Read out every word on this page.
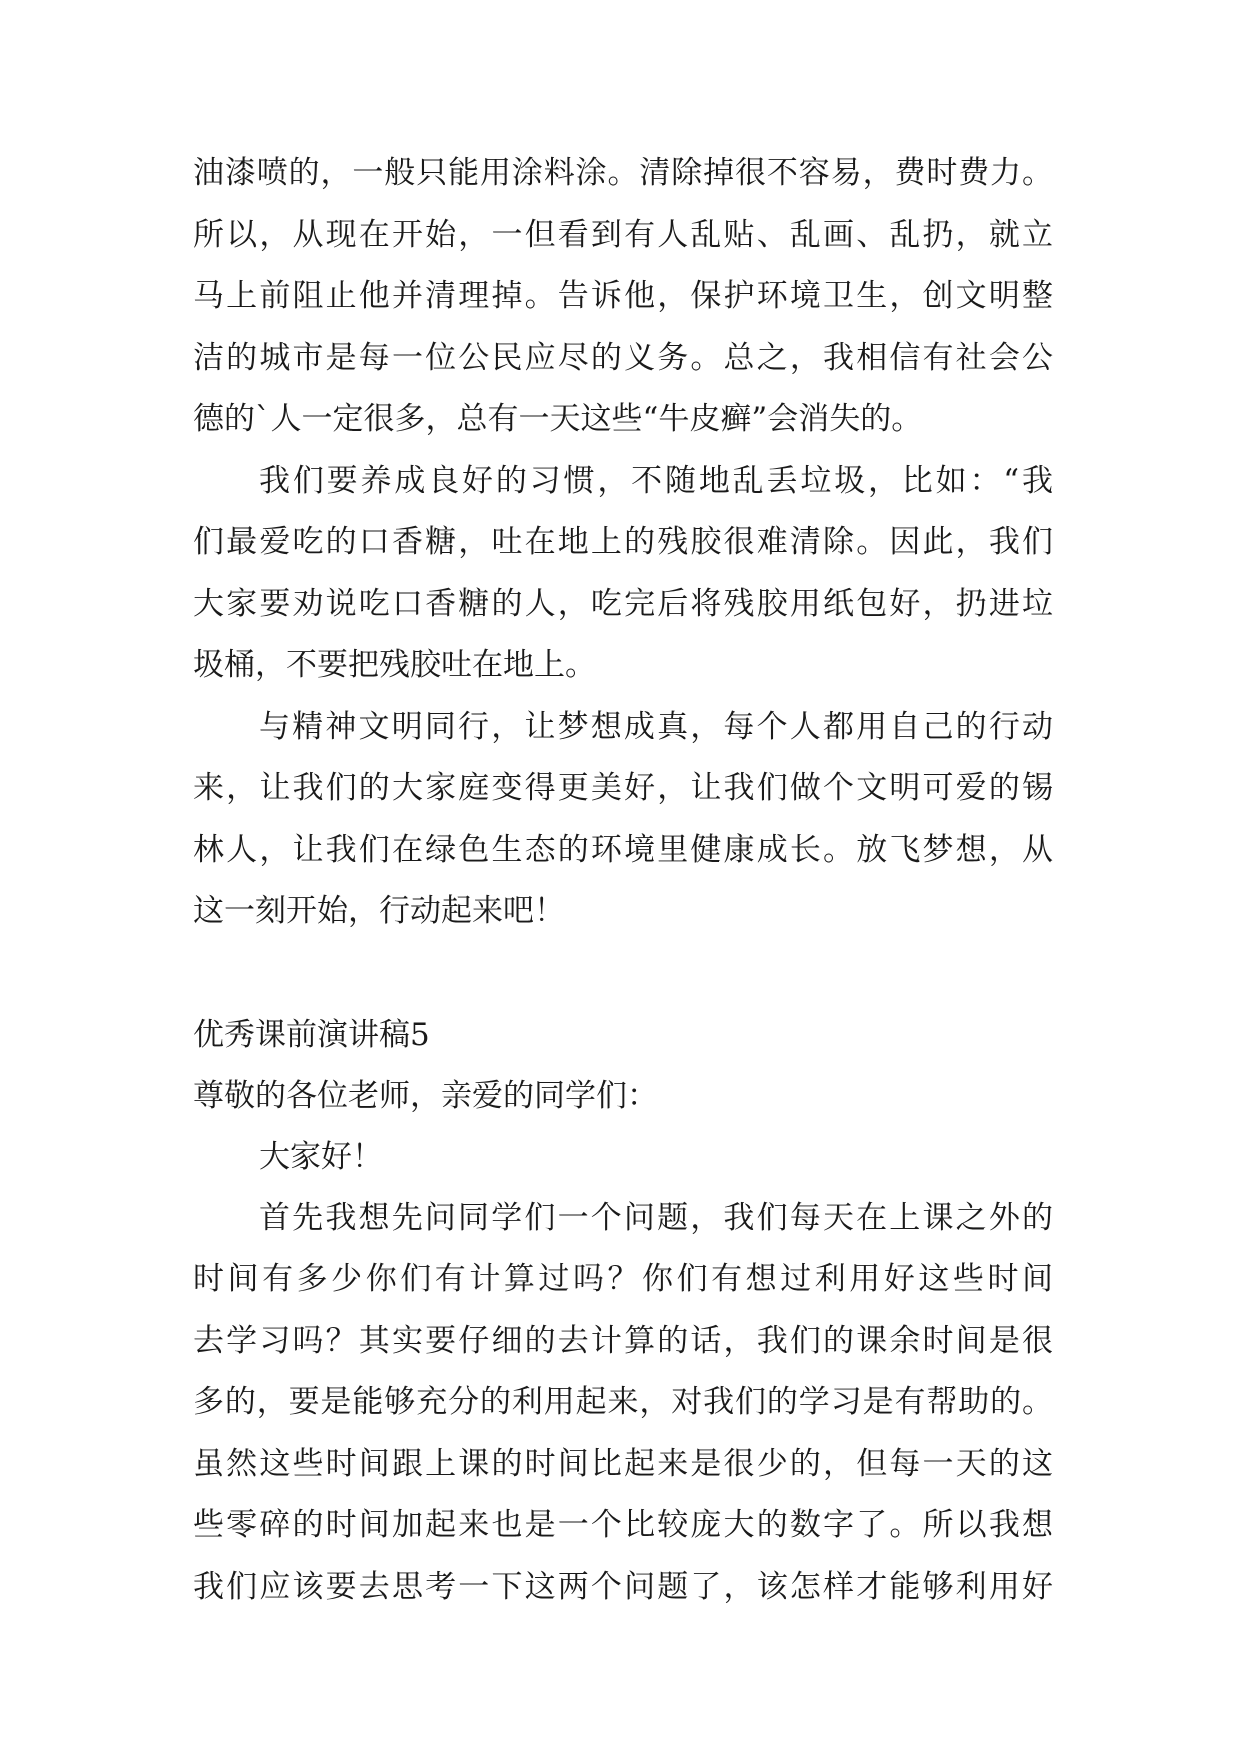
油漆喷的，一般只能用涂料涂。清除掉很不容易，费时费力。
所以，从现在开始，一但看到有人乱贴、乱画、乱扔，就立
马上前阻止他并清理掉。告诉他，保护环境卫生，创文明整
洁的城市是每一位公民应尽的义务。总之，我相信有社会公
德的`人一定很多，总有一天这些“牛皮癣”会消失的。
我们要养成良好的习惯，不随地乱丢垃圾，比如：“我
们最爱吃的口香糖，吐在地上的残胶很难清除。因此，我们
大家要劝说吃口香糖的人，吃完后将残胶用纸包好，扔进垃
圾桶，不要把残胶吐在地上。
与精神文明同行，让梦想成真，每个人都用自己的行动
来，让我们的大家庭变得更美好，让我们做个文明可爱的锡
林人，让我们在绿色生态的环境里健康成长。放飞梦想，从
这一刻开始，行动起来吧！
优秀课前演讲稿5
尊敬的各位老师，亲爱的同学们：
大家好！
首先我想先问同学们一个问题，我们每天在上课之外的
时间有多少你们有计算过吗？你们有想过利用好这些时间
去学习吗？其实要仔细的去计算的话，我们的课余时间是很
多的，要是能够充分的利用起来，对我们的学习是有帮助的。
虽然这些时间跟上课的时间比起来是很少的，但每一天的这
些零碎的时间加起来也是一个比较庞大的数字了。所以我想
我们应该要去思考一下这两个问题了，该怎样才能够利用好
